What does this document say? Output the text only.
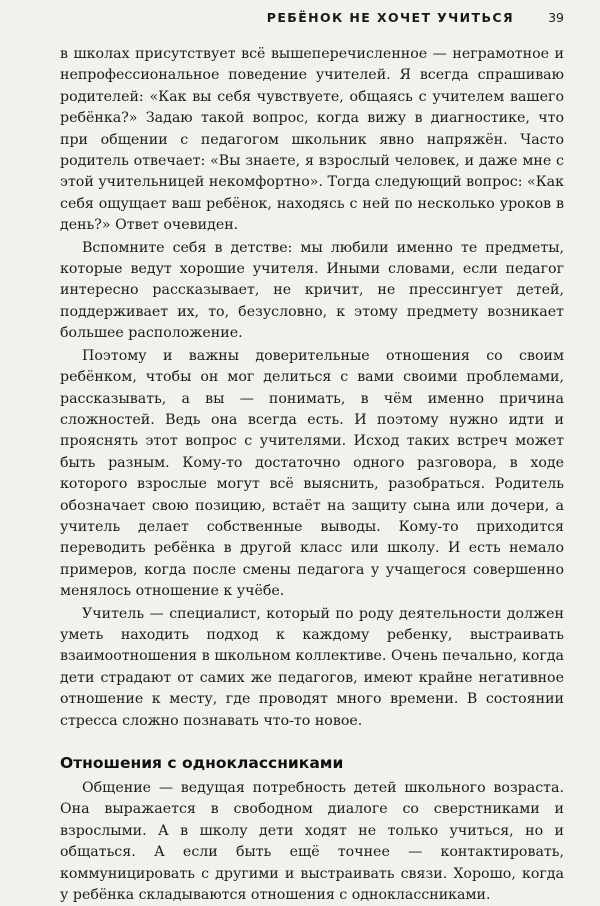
РЕБЁНОК НЕ ХОЧЕТ УЧИТЬСЯ	39

в школах присутствует всё вышеперечисленное — неграмотное и непрофессиональное поведение учителей. Я всегда спрашиваю родителей: «Как вы себя чувствуете, общаясь с учителем вашего ребёнка?» Задаю такой вопрос, когда вижу в диагностике, что при общении с педагогом школьник явно напряжён. Часто родитель отвечает: «Вы знаете, я взрослый человек, и даже мне с этой учительницей некомфортно». Тогда следующий вопрос: «Как себя ощущает ваш ребёнок, находясь с ней по несколько уроков в день?» Ответ очевиден.

Вспомните себя в детстве: мы любили именно те предметы, которые ведут хорошие учителя. Иными словами, если педагог интересно рассказывает, не кричит, не прессингует детей, поддерживает их, то, безусловно, к этому предмету возникает большее расположение.

Поэтому и важны доверительные отношения со своим ребёнком, чтобы он мог делиться с вами своими проблемами, рассказывать, а вы — понимать, в чём именно причина сложностей. Ведь она всегда есть. И поэтому нужно идти и прояснять этот вопрос с учителями. Исход таких встреч может быть разным. Кому-то достаточно одного разговора, в ходе которого взрослые могут всё выяснить, разобраться. Родитель обозначает свою позицию, встаёт на защиту сына или дочери, а учитель делает собственные выводы. Кому-то приходится переводить ребёнка в другой класс или школу. И есть немало примеров, когда после смены педагога у учащегося совершенно менялось отношение к учёбе.

Учитель — специалист, который по роду деятельности должен уметь находить подход к каждому ребенку, выстраивать взаимоотношения в школьном коллективе. Очень печально, когда дети страдают от самих же педагогов, имеют крайне негативное отношение к месту, где проводят много времени. В состоянии стресса сложно познавать что-то новое.

Отношения с одноклассниками

Общение — ведущая потребность детей школьного возраста. Она выражается в свободном диалоге со сверстниками и взрослыми. А в школу дети ходят не только учиться, но и общаться. А если быть ещё точнее — контактировать, коммуницировать с другими и выстраивать связи. Хорошо, когда у ребёнка складываются отношения с одноклассниками.
